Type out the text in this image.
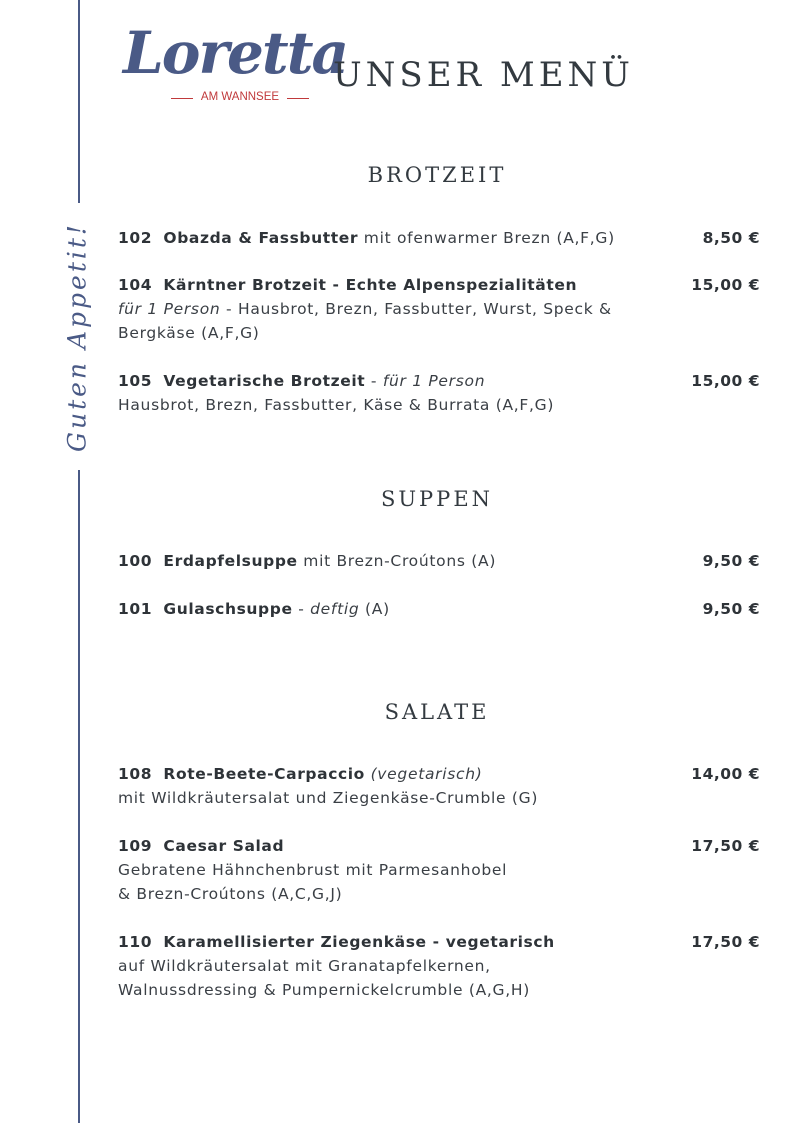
Guten Appetit!
Loretta
AM WANNSEE
UNSER MENÜ
BROTZEIT
102 Obazda & Fassbutter mit ofenwarmer Brezn (A,F,G)	8,50 €
104 Kärntner Brotzeit - Echte Alpenspezialitäten
für 1 Person - Hausbrot, Brezn, Fassbutter, Wurst, Speck &
Bergkäse (A,F,G)
15,00 €
105 Vegetarische Brotzeit - für 1 Person
Hausbrot, Brezn, Fassbutter, Käse & Burrata (A,F,G)
15,00 €
SUPPEN
100 Erdapfelsuppe mit Brezn-Croútons (A)	9,50 €
101 Gulaschsuppe - deftig (A)	9,50 €
SALATE
108 Rote-Beete-Carpaccio (vegetarisch)
mit Wildkräutersalat und Ziegenkäse-Crumble (G)
14,00 €
109 Caesar Salad
Gebratene Hähnchenbrust mit Parmesanhobel
& Brezn-Croútons (A,C,G,J)
17,50 €
110 Karamellisierter Ziegenkäse - vegetarisch
auf Wildkräutersalat mit Granatapfelkernen,
Walnussdressing & Pumpernickelcrumble (A,G,H)
17,50 €
